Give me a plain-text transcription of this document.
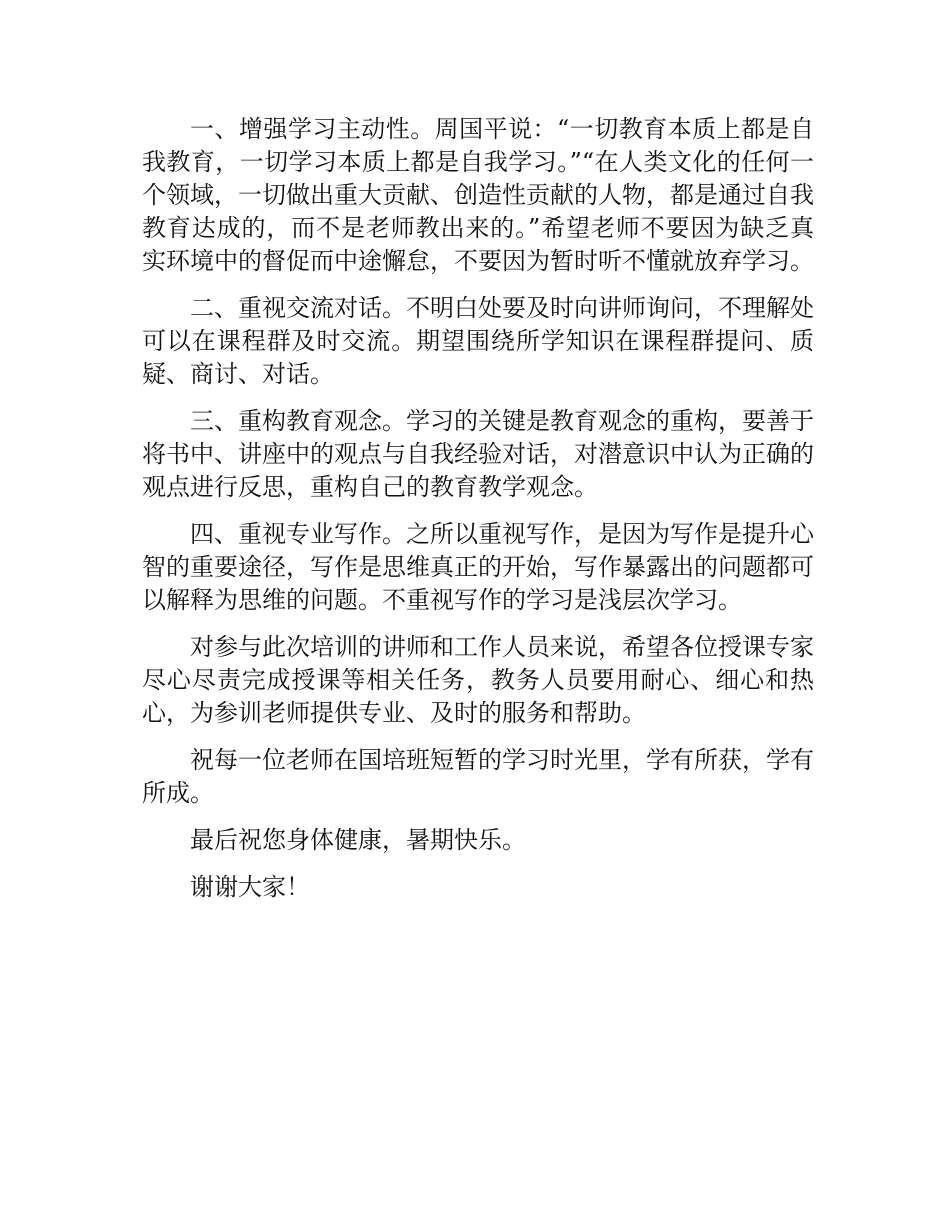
一、增强学习主动性。周国平说：“一切教育本质上都是自我教育，一切学习本质上都是自我学习。”“在人类文化的任何一个领域，一切做出重大贡献、创造性贡献的人物，都是通过自我教育达成的，而不是老师教出来的。”希望老师不要因为缺乏真实环境中的督促而中途懈怠，不要因为暂时听不懂就放弃学习。

二、重视交流对话。不明白处要及时向讲师询问，不理解处可以在课程群及时交流。期望围绕所学知识在课程群提问、质疑、商讨、对话。

三、重构教育观念。学习的关键是教育观念的重构，要善于将书中、讲座中的观点与自我经验对话，对潜意识中认为正确的观点进行反思，重构自己的教育教学观念。

四、重视专业写作。之所以重视写作，是因为写作是提升心智的重要途径，写作是思维真正的开始，写作暴露出的问题都可以解释为思维的问题。不重视写作的学习是浅层次学习。

对参与此次培训的讲师和工作人员来说，希望各位授课专家尽心尽责完成授课等相关任务，教务人员要用耐心、细心和热心，为参训老师提供专业、及时的服务和帮助。

祝每一位老师在国培班短暂的学习时光里，学有所获，学有所成。

最后祝您身体健康，暑期快乐。

谢谢大家！
